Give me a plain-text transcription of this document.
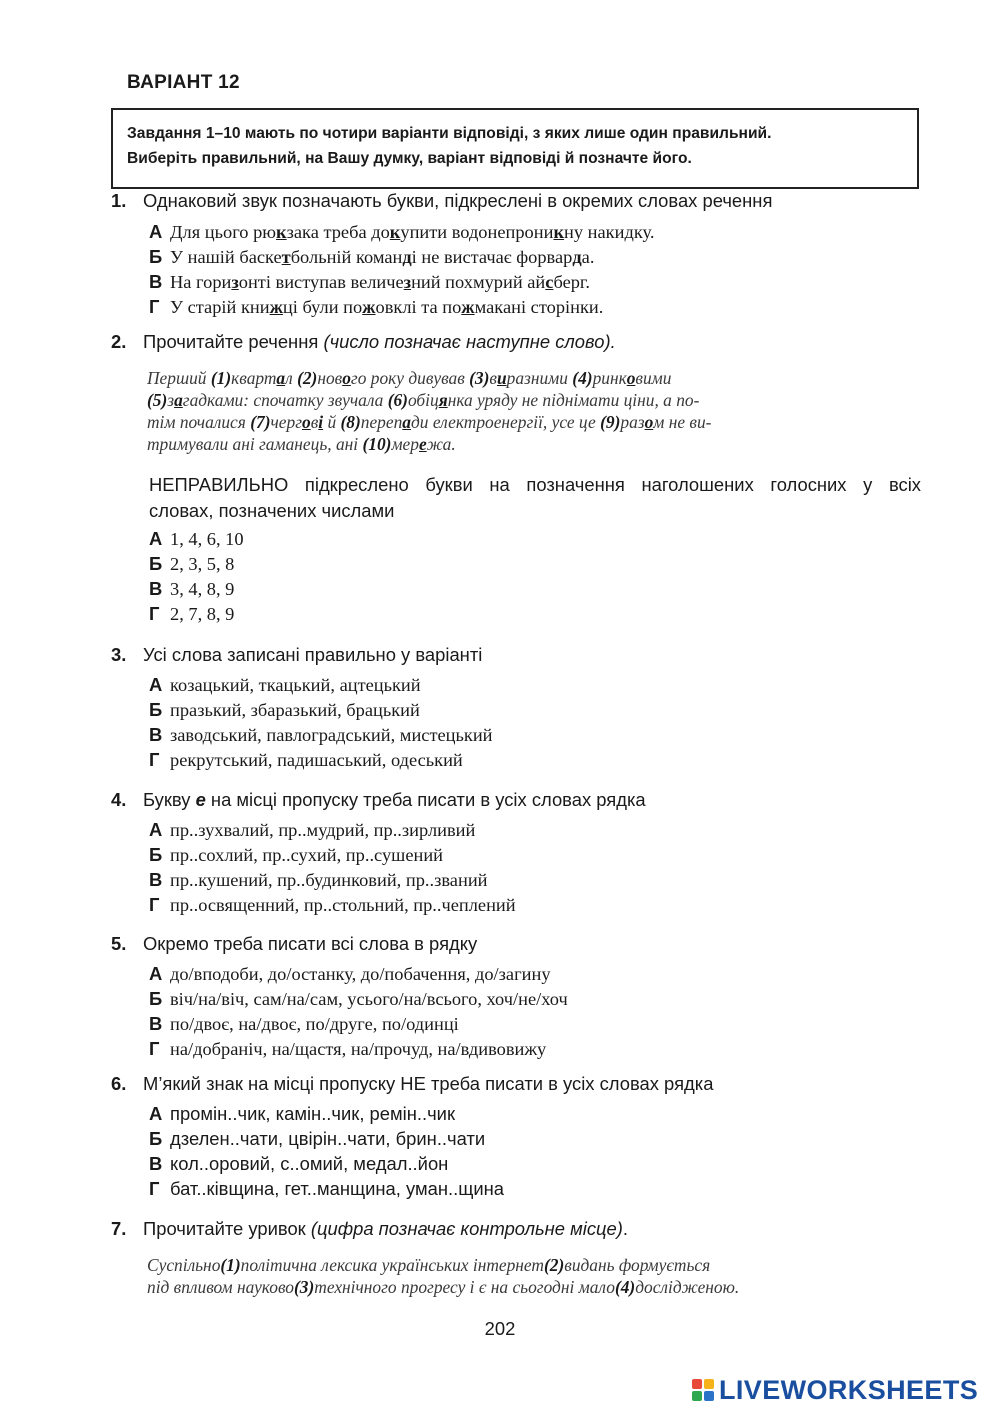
ВАРІАНТ 12
Завдання 1–10 мають по чотири варіанти відповіді, з яких лише один правильний.
Виберіть правильний, на Вашу думку, варіант відповіді й позначте його.
1. Однаковий звук позначають букви, підкреслені в окремих словах речення
А Для цього рюкзака треба докупити водонепроникну накидку.
Б У нашій баскетбольній команді не вистачає форварда.
В На горизонті виступав величезний похмурий айсберг.
Г У старій книжці були пожовклі та пожмакані сторінки.
2. Прочитайте речення (число позначає наступне слово).
Перший (1)квартал (2)нового року дивував (3)виразними (4)ринковими
(5)загадками: спочатку звучала (6)обіцянка уряду не піднімати ціни, а по-
тім почалися (7)чергові й (8)перепади електроенергії, усе це (9)разом не ви-
тримували ані гаманець, ані (10)мережа.
НЕПРАВИЛЬНО підкреслено букви на позначення наголошених голосних у всіх
словах, позначених числами
А 1, 4, 6, 10
Б 2, 3, 5, 8
В 3, 4, 8, 9
Г 2, 7, 8, 9
3. Усі слова записані правильно у варіанті
А козацький, ткацький, ацтецький
Б празький, збаразький, брацький
В заводський, павлоградський, мистецький
Г рекрутський, падишаський, одеський
4. Букву е на місці пропуску треба писати в усіх словах рядка
А пр..зухвалий, пр..мудрий, пр..зирливий
Б пр..сохлий, пр..сухий, пр..сушений
В пр..кушений, пр..будинковий, пр..званий
Г пр..освященний, пр..стольний, пр..чеплений
5. Окремо треба писати всі слова в рядку
А до/вподоби, до/останку, до/побачення, до/загину
Б віч/на/віч, сам/на/сам, усього/на/всього, хоч/не/хоч
В по/двоє, на/двоє, по/друге, по/одинці
Г на/добраніч, на/щастя, на/прочуд, на/вдивовижу
6. М’який знак на місці пропуску НЕ треба писати в усіх словах рядка
А промін..чик, камін..чик, ремін..чик
Б дзелен..чати, цвірін..чати, брин..чати
В кол..оровий, с..омий, медал..йон
Г бат..ківщина, гет..манщина, уман..щина
7. Прочитайте уривок (цифра позначає контрольне місце).
Суспільно(1)політична лексика українських інтернет(2)видань формується
під впливом науково(3)технічного прогресу і є на сьогодні мало(4)дослідженою.
202
LIVEWORKSHEETS
